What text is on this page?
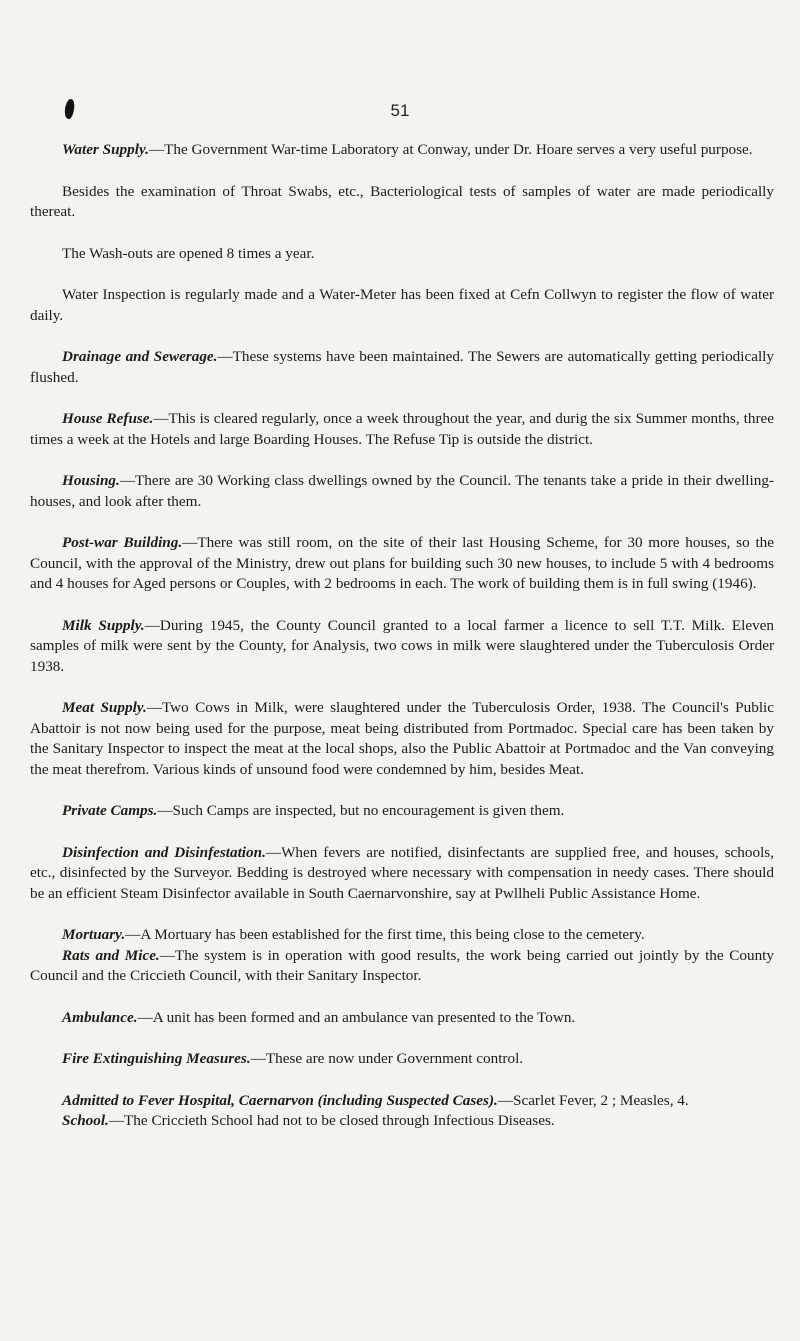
51

Water Supply.—The Government War-time Laboratory at Conway, under Dr. Hoare serves a very useful purpose.

Besides the examination of Throat Swabs, etc., Bacteriological tests of samples of water are made periodically thereat.

The Wash-outs are opened 8 times a year.

Water Inspection is regularly made and a Water-Meter has been fixed at Cefn Collwyn to register the flow of water daily.

Drainage and Sewerage.—These systems have been maintained. The Sewers are automatically getting periodically flushed.

House Refuse.—This is cleared regularly, once a week throughout the year, and durig the six Summer months, three times a week at the Hotels and large Boarding Houses. The Refuse Tip is outside the district.

Housing.—There are 30 Working class dwellings owned by the Council. The tenants take a pride in their dwelling-houses, and look after them.

Post-war Building.—There was still room, on the site of their last Housing Scheme, for 30 more houses, so the Council, with the approval of the Ministry, drew out plans for building such 30 new houses, to include 5 with 4 bedrooms and 4 houses for Aged persons or Couples, with 2 bedrooms in each. The work of building them is in full swing (1946).

Milk Supply.—During 1945, the County Council granted to a local farmer a licence to sell T.T. Milk. Eleven samples of milk were sent by the County, for Analysis, two cows in milk were slaughtered under the Tuberculosis Order 1938.

Meat Supply.—Two Cows in Milk, were slaughtered under the Tuberculosis Order, 1938. The Council's Public Abattoir is not now being used for the purpose, meat being distributed from Portmadoc. Special care has been taken by the Sanitary Inspector to inspect the meat at the local shops, also the Public Abattoir at Portmadoc and the Van conveying the meat therefrom. Various kinds of unsound food were condemned by him, besides Meat.

Private Camps.—Such Camps are inspected, but no encouragement is given them.

Disinfection and Disinfestation.—When fevers are notified, disinfectants are supplied free, and houses, schools, etc., disinfected by the Surveyor. Bedding is destroyed where necessary with compensation in needy cases. There should be an efficient Steam Disinfector available in South Caernarvonshire, say at Pwllheli Public Assistance Home.

Mortuary.—A Mortuary has been established for the first time, this being close to the cemetery.

Rats and Mice.—The system is in operation with good results, the work being carried out jointly by the County Council and the Criccieth Council, with their Sanitary Inspector.

Ambulance.—A unit has been formed and an ambulance van presented to the Town.

Fire Extinguishing Measures.—These are now under Government control.

Admitted to Fever Hospital, Caernarvon (including Suspected Cases).—Scarlet Fever, 2 ; Measles, 4.

School.—The Criccieth School had not to be closed through Infectious Diseases.
